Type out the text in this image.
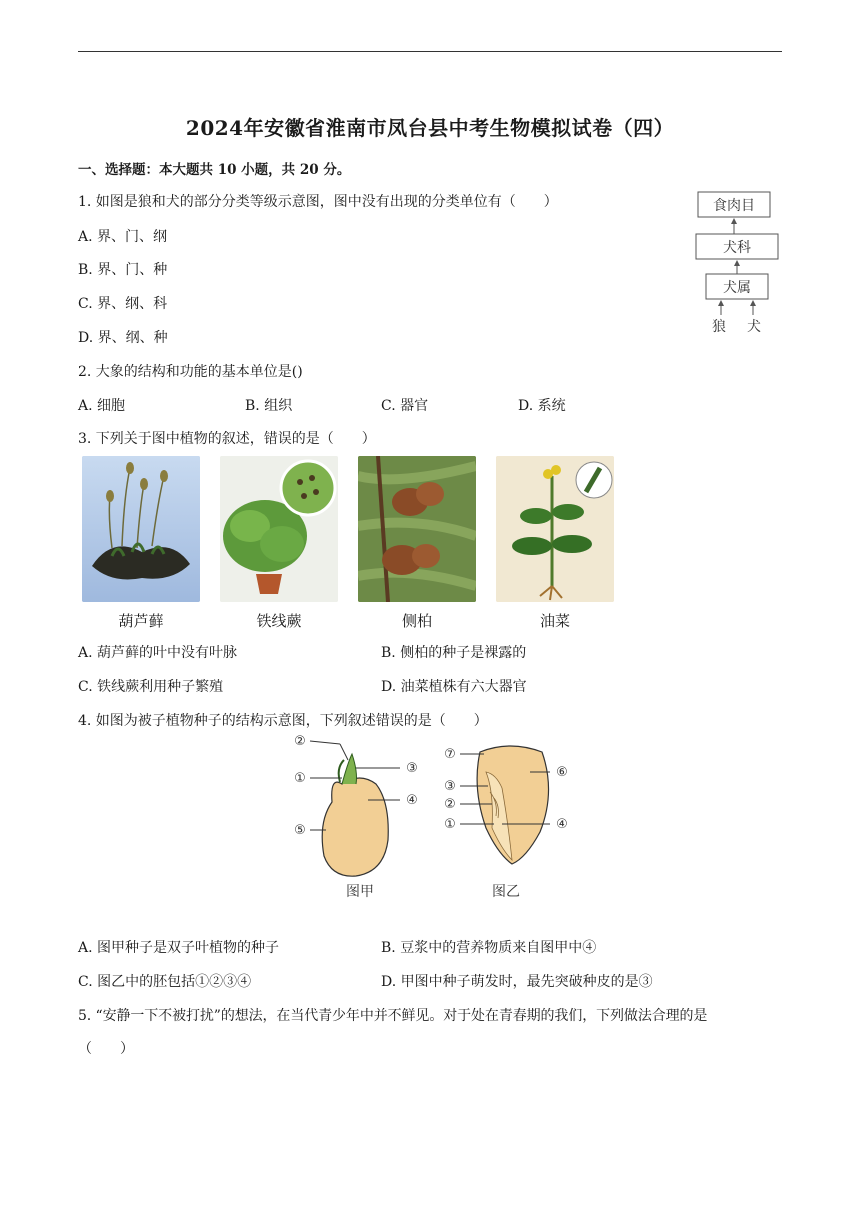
2024年安徽省淮南市凤台县中考生物模拟试卷（四）
一、选择题：本大题共 10 小题，共 20 分。
1. 如图是狼和犬的部分分类等级示意图，图中没有出现的分类单位有（　　）
A. 界、门、纲
B. 界、门、种
C. 界、纲、科
D. 界、纲、种
食肉目
犬科
犬属
狼 犬
2. 大象的结构和功能的基本单位是()
A. 细胞	B. 组织	C. 器官	D. 系统
3. 下列关于图中植物的叙述，错误的是（　　）
葫芦藓	铁线蕨	侧柏	油菜
A. 葫芦藓的叶中没有叶脉	B. 侧柏的种子是裸露的
C. 铁线蕨利用种子繁殖	D. 油菜植株有六大器官
4. 如图为被子植物种子的结构示意图，下列叙述错误的是（　　）
②
③
①
④
⑤
图甲
⑦
③
②
①
⑥
④
图乙
A. 图甲种子是双子叶植物的种子	B. 豆浆中的营养物质来自图甲中④
C. 图乙中的胚包括①②③④	D. 甲图中种子萌发时，最先突破种皮的是③
5. “安静一下不被打扰”的想法，在当代青少年中并不鲜见。对于处在青春期的我们，下列做法合理的是
（　　）
